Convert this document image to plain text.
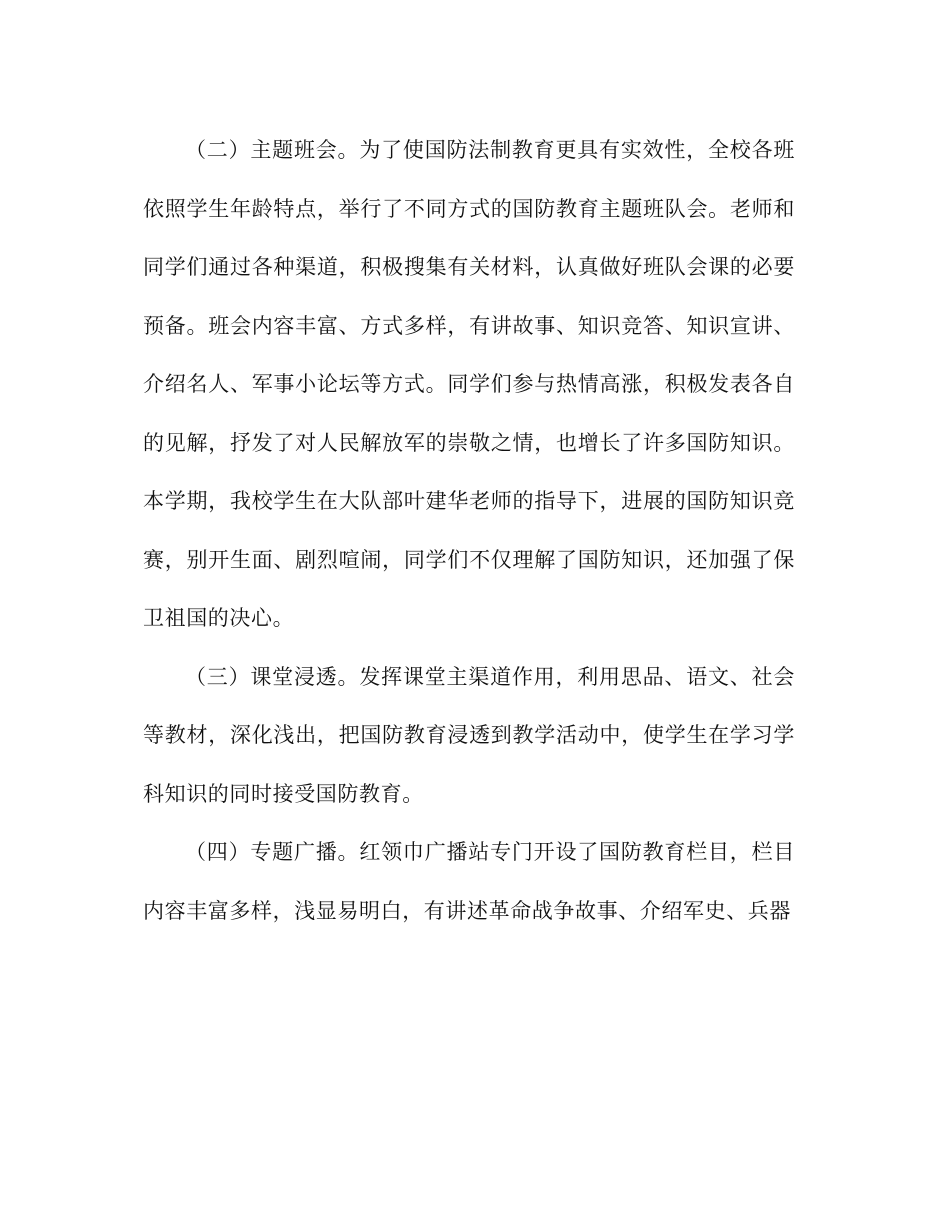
（二）主题班会。为了使国防法制教育更具有实效性，全校各班依照学生年龄特点，举行了不同方式的国防教育主题班队会。老师和同学们通过各种渠道，积极搜集有关材料，认真做好班队会课的必要预备。班会内容丰富、方式多样，有讲故事、知识竞答、知识宣讲、介绍名人、军事小论坛等方式。同学们参与热情高涨，积极发表各自的见解，抒发了对人民解放军的崇敬之情，也增长了许多国防知识。本学期，我校学生在大队部叶建华老师的指导下，进展的国防知识竞赛，别开生面、剧烈喧闹，同学们不仅理解了国防知识，还加强了保卫祖国的决心。

（三）课堂浸透。发挥课堂主渠道作用，利用思品、语文、社会等教材，深化浅出，把国防教育浸透到教学活动中，使学生在学习学科知识的同时接受国防教育。

（四）专题广播。红领巾广播站专门开设了国防教育栏目，栏目内容丰富多样，浅显易明白，有讲述革命战争故事、介绍军史、兵器
